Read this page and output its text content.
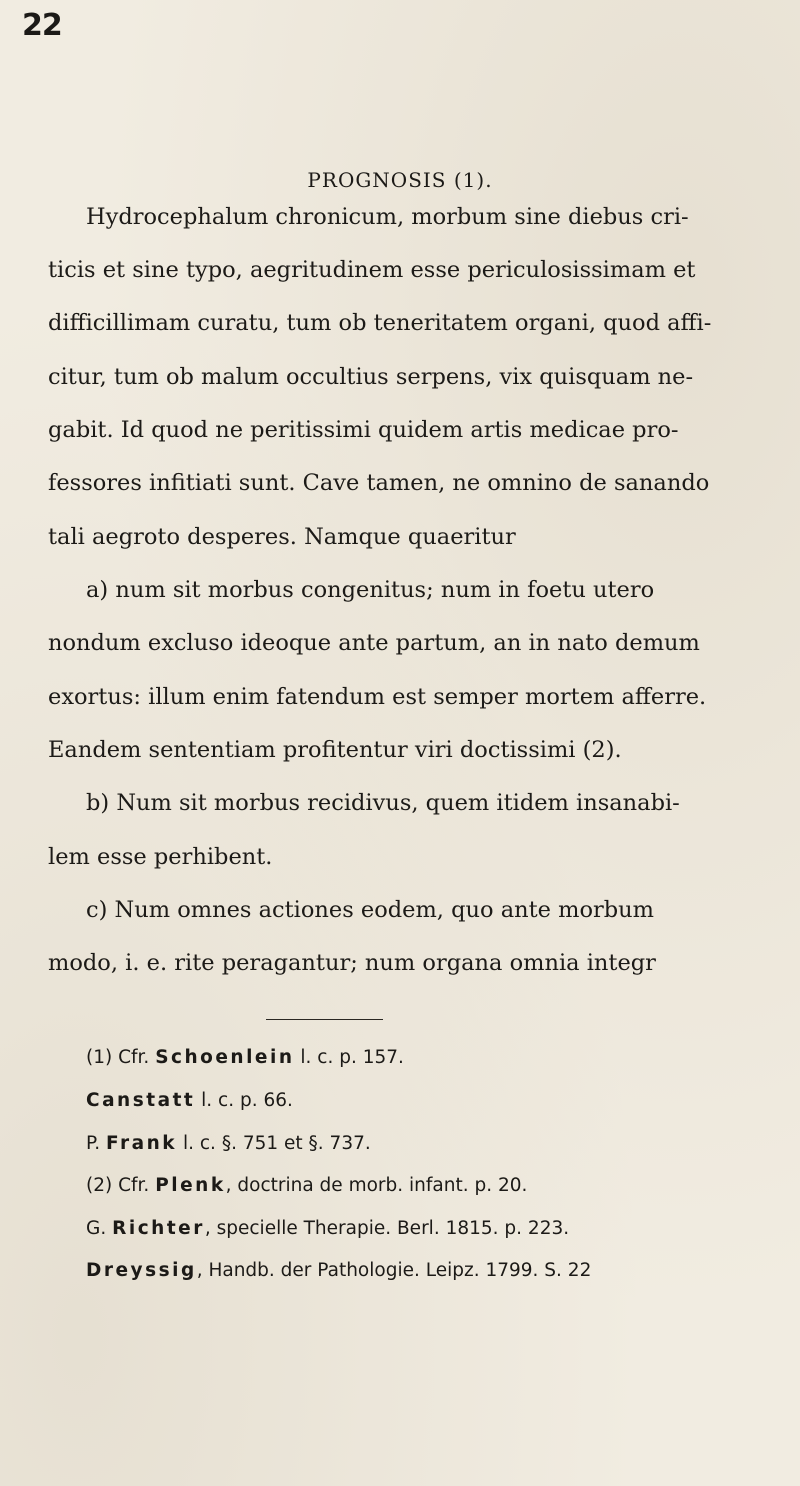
22
PROGNOSIS (1).
Hydrocephalum chronicum, morbum sine diebus cri-
ticis et sine typo, aegritudinem esse periculosissimam et
difficillimam curatu, tum ob teneritatem organi, quod affi-
citur, tum ob malum occultius serpens, vix quisquam ne-
gabit. Id quod ne peritissimi quidem artis medicae pro-
fessores infitiati sunt. Cave tamen, ne omnino de sanando
tali aegroto desperes. Namque quaeritur
a) num sit morbus congenitus; num in foetu utero
nondum excluso ideoque ante partum, an in nato demum
exortus: illum enim fatendum est semper mortem afferre.
Eandem sententiam profitentur viri doctissimi (2).
b) Num sit morbus recidivus, quem itidem insanabi-
lem esse perhibent.
c) Num omnes actiones eodem, quo ante morbum
modo, i. e. rite peragantur; num organa omnia integr
(1) Cfr. Schoenlein l. c. p. 157.
Canstatt l. c. p. 66.
P. Frank l. c. §. 751 et §. 737.
(2) Cfr. Plenk, doctrina de morb. infant. p. 20.
G. Richter, specielle Therapie. Berl. 1815. p. 223.
Dreyssig, Handb. der Pathologie. Leipz. 1799. S. 22
